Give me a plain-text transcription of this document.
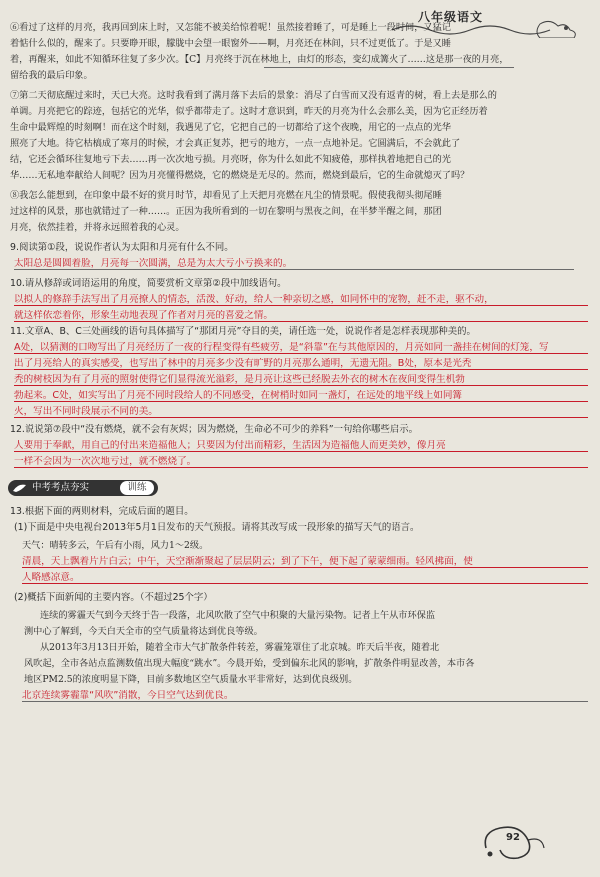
八年级语文
⑥看过了这样的月亮，我再回到床上时，又怎能不被美给惊着呢！虽然接着睡了，可是睡上一段时间，又猛记
着惦什么似的，醒来了。只要睁开眼，朦胧中会望一眼窗外——啊，月亮还在林间，只不过更低了。于是又睡
着，再醒来，如此不知循环往复了多少次。【C】月亮终于沉在林地上，由灯的形态，变幻成篝火了……这是那一夜的月亮，
留给我的最后印象。
⑦第二天彻底醒过来时，天已大亮。这时我看到了满月落下去后的景象：消尽了白雪而又没有返青的树，看上去是那么的
单调。月亮把它的踪迹，包括它的光华，似乎都带走了。这时才意识到，昨天的月亮为什么会那么美，因为它正经历着
生命中最辉煌的时刻啊！而在这个时刻，我遇见了它，它把自己的一切都给了这个夜晚，用它的一点点的光华
照亮了大地。待它枯槁成了寒月的时候，才会真正复苏，把亏的地方，一点一点地补足。它圆满后，不会就此了
结，它还会循环往复地亏下去……再一次次地亏损。月亮呀，你为什么如此不知疲倦，那样执着地把自己的光
华……无私地奉献给人间呢？因为月亮懂得燃烧，它的燃烧是无尽的。然而，燃烧到最后，它的生命就熄灭了吗？
⑧我怎么能想到，在印象中最不好的赏月时节，却看见了上天把月亮燃在凡尘的情景呢。假使我彻头彻尾睡
过这样的风景，那也就错过了一种……。正因为我所看到的一切在黎明与黑夜之间，在半梦半醒之间，那团
月亮，依然挂着，并将永远照着我的心灵。
9.阅读第①段，说说作者认为太阳和月亮有什么不同。
太阳总是圆圆着脸，月亮每一次圆满，总是为太大亏小亏换来的。
10.请从修辞或词语运用的角度，简要赏析文章第②段中加线语句。
以拟人的修辞手法写出了月亮撩人的情态，活泼、好动，给人一种亲切之感，如同怀中的宠物，赶不走，驱不动，
就这样依恋着你，形象生动地表现了作者对月亮的喜爱之情。
11.文章A、B、C三处画线的语句具体描写了“那团月亮”夺目的美，请任选一处，说说作者是怎样表现那种美的。
A处，以猜测的口吻写出了月亮经历了一夜的行程变得有些疲劳，是“斜靠”在与其他原因的，月亮如同一盏挂在树间的灯笼，写
出了月亮给人的真实感受，也写出了林中的月亮多少没有旷野的月亮那么通明，无遗无阻。B处，原本是光秃
秃的树枝因为有了月亮的照射使得它们显得流光溢彩，是月亮让这些已经脱去外衣的树木在夜间变得生机勃
勃起来。C处，如实写出了月亮不同时段给人的不同感受，在树梢时如同一盏灯，在远处的地平线上如同篝
火，写出不同时段展示不同的美。
12.说说第⑦段中“没有燃烧，就不会有灰烬；因为燃烧，生命必不可少的养料”一句给你哪些启示。
人要用于奉献，用自己的付出来造福他人；只要因为付出而精彩，生活因为造福他人而更美妙，像月亮
一样不会因为一次次地亏过，就不燃烧了。
中考考点夯实	训练
13.根据下面的两则材料，完成后面的题目。
(1)下面是中央电视台2013年5月1日发布的天气预报。请将其改写成一段形象的描写天气的语言。
天气：晴转多云，午后有小雨，风力1～2级。
清晨，天上飘着片片白云；中午，天空渐渐聚起了层层阴云；到了下午，便下起了蒙蒙细雨。轻风拂面，使
人略感凉意。
(2)概括下面新闻的主要内容。（不超过25个字）
连续的雾霾天气到今天终于告一段落，北风吹散了空气中积聚的大量污染物。记者上午从市环保监
测中心了解到，今天白天全市的空气质量将达到优良等级。
从2013年3月13日开始，随着全市大气扩散条件转差，雾霾笼罩住了北京城。昨天后半夜，随着北
风吹起，全市各站点监测数值出现大幅度“跳水”。今晨开始，受到偏东北风的影响，扩散条件明显改善，本市各
地区PM2.5的浓度明显下降，目前多数地区空气质量水平非常好，达到优良级别。
北京连续雾霾靠“风吹”消散，今日空气达到优良。
92
